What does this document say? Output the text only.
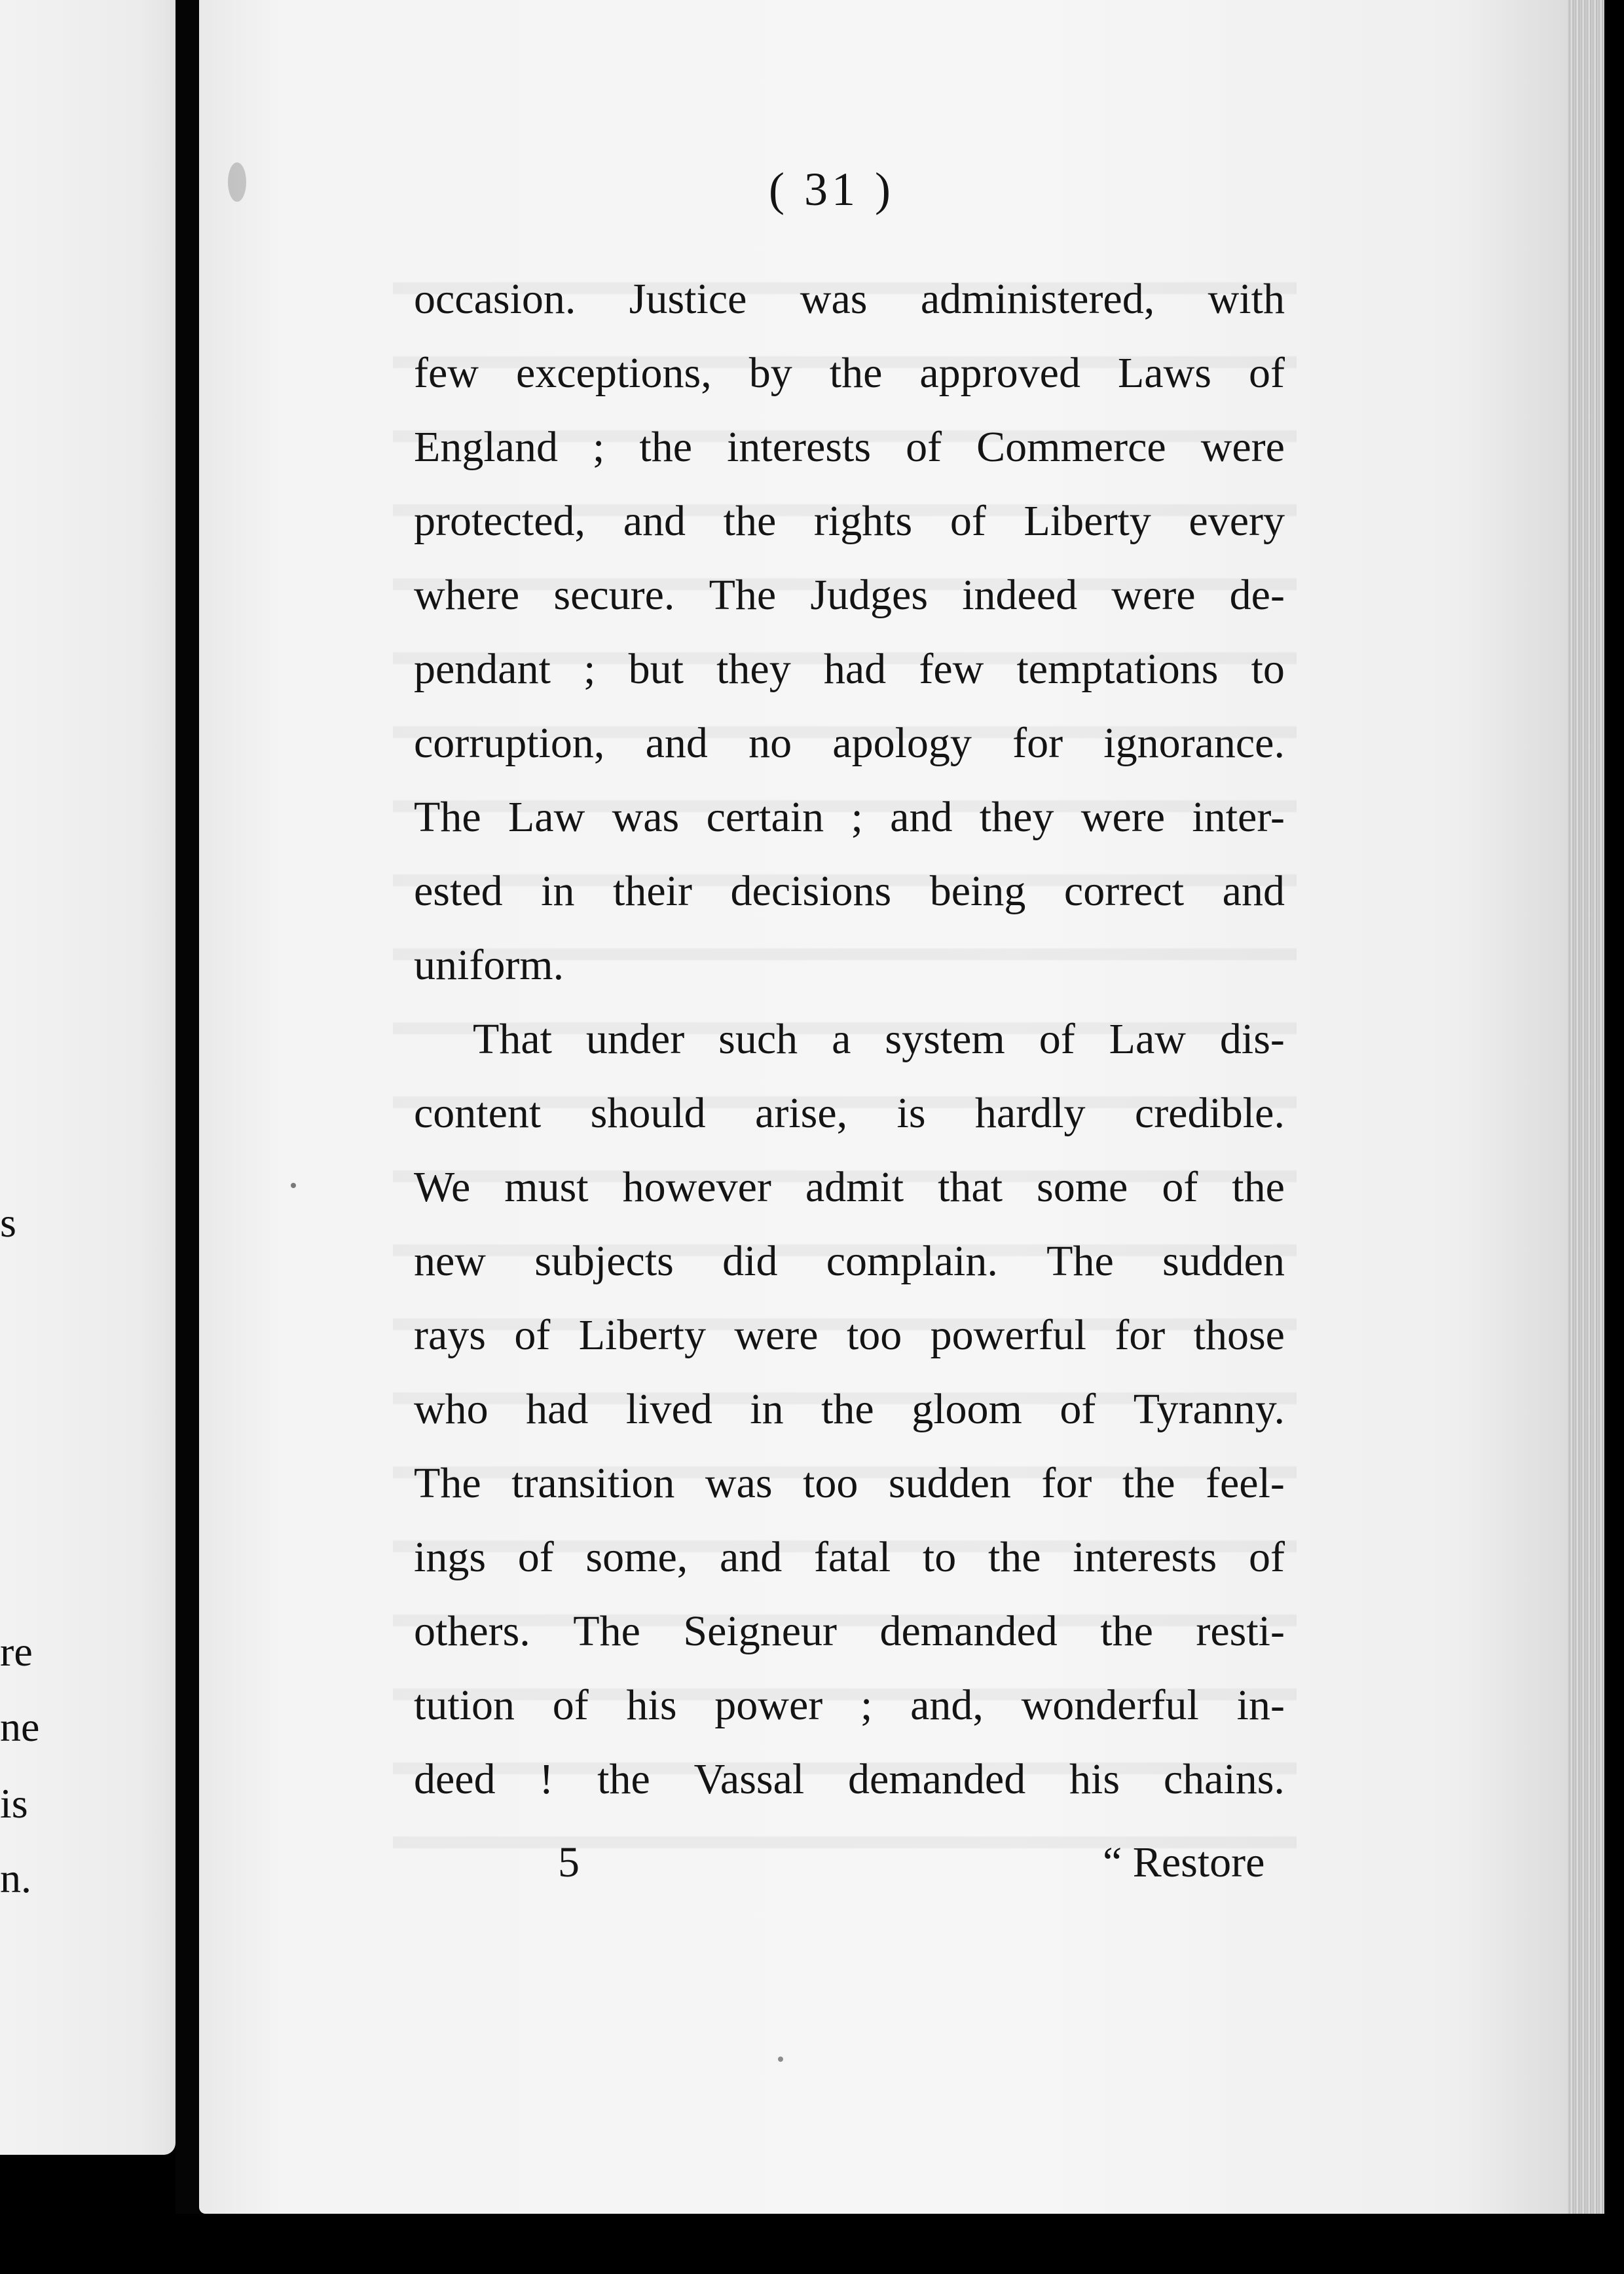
s
re
ne
is
n.
( 31 )
occasion. Justice was administered, with
few exceptions, by the approved Laws of
England ; the interests of Commerce were
protected, and the rights of Liberty every
where secure. The Judges indeed were de-
pendant ; but they had few temptations to
corruption, and no apology for ignorance.
The Law was certain ; and they were inter-
ested in their decisions being correct and
uniform.
That under such a system of Law dis-
content should arise, is hardly credible.
We must however admit that some of the
new subjects did complain. The sudden
rays of Liberty were too powerful for those
who had lived in the gloom of Tyranny.
The transition was too sudden for the feel-
ings of some, and fatal to the interests of
others. The Seigneur demanded the resti-
tution of his power ; and, wonderful in-
deed ! the Vassal demanded his chains.
5	“ Restore
